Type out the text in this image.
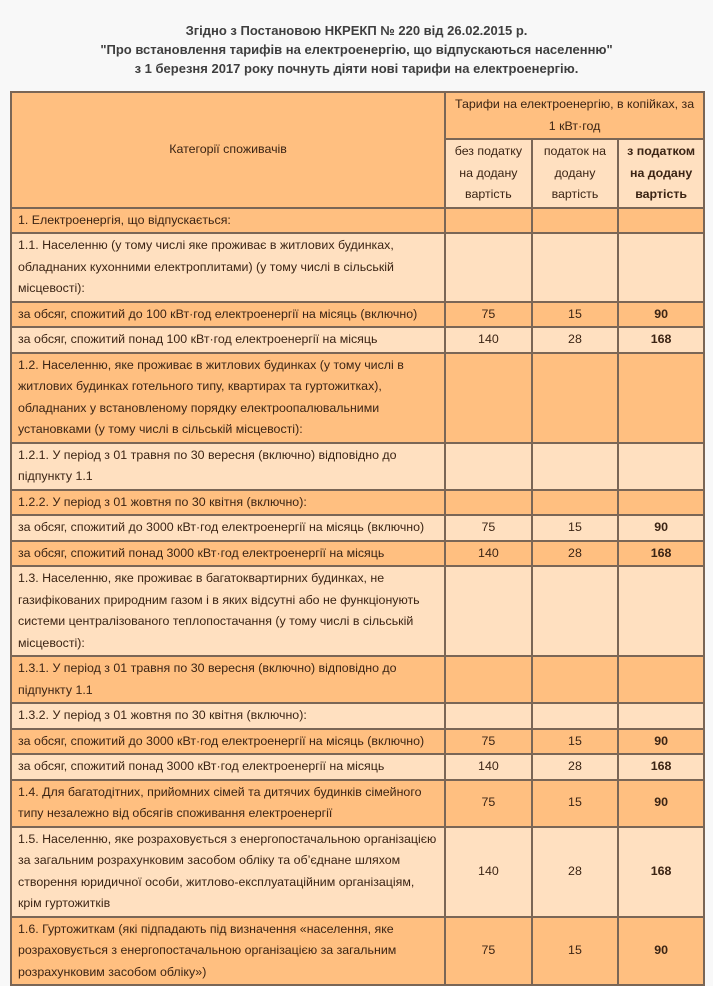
Згідно з Постановою НКРЕКП № 220 від 26.02.2015 р.
"Про встановлення тарифів на електроенергію, що відпускаються населенню"
з 1 березня 2017 року почнуть діяти нові тарифи на електроенергію.
Категорії споживачів	Тарифи на електроенергію, в копійках, за 1 кВт·год		
	без податку на додану вартість	податок на додану вартість	з податком на додану вартість
1. Електроенергія, що відпускається:			
1.1. Населенню (у тому числі яке проживає в житлових будинках, обладнаних кухонними електроплитами) (у тому числі в сільській місцевості):			
за обсяг, спожитий до 100 кВт·год електроенергії на місяць (включно)	75	15	90
за обсяг, спожитий понад 100 кВт·год електроенергії на місяць	140	28	168
1.2. Населенню, яке проживає в житлових будинках (у тому числі в житлових будинках готельного типу, квартирах та гуртожитках), обладнаних у встановленому порядку електроопалювальними установками (у тому числі в сільській місцевості):			
1.2.1. У період з 01 травня по 30 вересня (включно) відповідно до підпункту 1.1			
1.2.2. У період з 01 жовтня по 30 квітня (включно):			
за обсяг, спожитий до 3000 кВт·год електроенергії на місяць (включно)	75	15	90
за обсяг, спожитий понад 3000 кВт·год електроенергії на місяць	140	28	168
1.3. Населенню, яке проживає в багатоквартирних будинках, не газифікованих природним газом і в яких відсутні або не функціонують системи централізованого теплопостачання (у тому числі в сільській місцевості):			
1.3.1. У період з 01 травня по 30 вересня (включно) відповідно до підпункту 1.1			
1.3.2. У період з 01 жовтня по 30 квітня (включно):			
за обсяг, спожитий до 3000 кВт·год електроенергії на місяць (включно)	75	15	90
за обсяг, спожитий понад 3000 кВт·год електроенергії на місяць	140	28	168
1.4. Для багатодітних, прийомних сімей та дитячих будинків сімейного типу незалежно від обсягів споживання електроенергії	75	15	90
1.5. Населенню, яке розраховується з енергопостачальною організацією за загальним розрахунковим засобом обліку та об’єднане шляхом створення юридичної особи, житлово-експлуатаційним організаціям, крім гуртожитків	140	28	168
1.6. Гуртожиткам (які підпадають під визначення «населення, яке розраховується з енергопостачальною організацією за загальним розрахунковим засобом обліку»)	75	15	90
